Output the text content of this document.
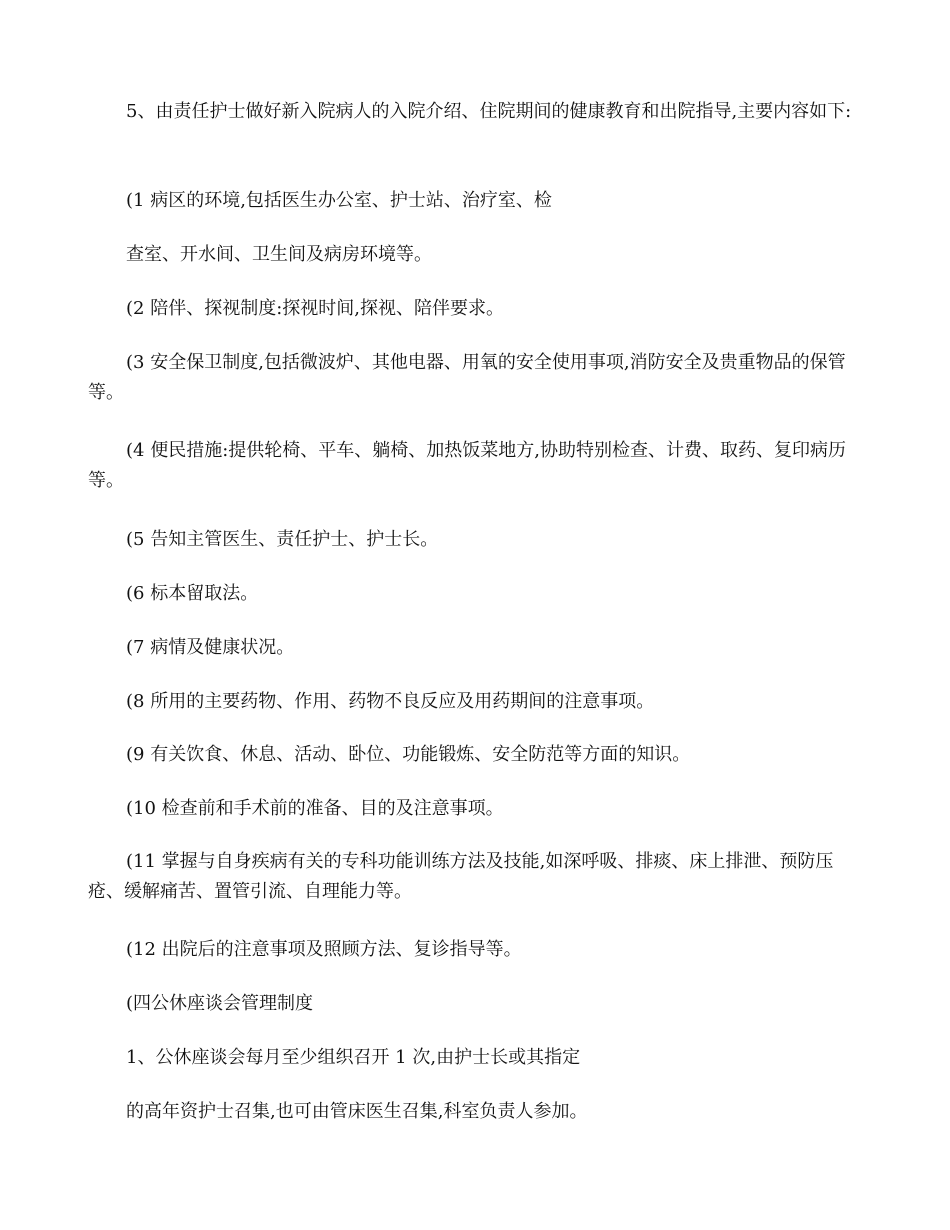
5、由责任护士做好新入院病人的入院介绍、住院期间的健康教育和出院指导,主要内容如下:

(1 病区的环境,包括医生办公室、护士站、治疗室、检

查室、开水间、卫生间及病房环境等。

(2 陪伴、探视制度:探视时间,探视、陪伴要求。

(3 安全保卫制度,包括微波炉、其他电器、用氧的安全使用事项,消防安全及贵重物品的保管等。

(4 便民措施:提供轮椅、平车、躺椅、加热饭菜地方,协助特别检查、计费、取药、复印病历等。

(5 告知主管医生、责任护士、护士长。

(6 标本留取法。

(7 病情及健康状况。

(8 所用的主要药物、作用、药物不良反应及用药期间的注意事项。

(9 有关饮食、休息、活动、卧位、功能锻炼、安全防范等方面的知识。

(10 检查前和手术前的准备、目的及注意事项。

(11 掌握与自身疾病有关的专科功能训练方法及技能,如深呼吸、排痰、床上排泄、预防压疮、缓解痛苦、置管引流、自理能力等。

(12 出院后的注意事项及照顾方法、复诊指导等。

(四公休座谈会管理制度

1、公休座谈会每月至少组织召开 1 次,由护士长或其指定

的高年资护士召集,也可由管床医生召集,科室负责人参加。
